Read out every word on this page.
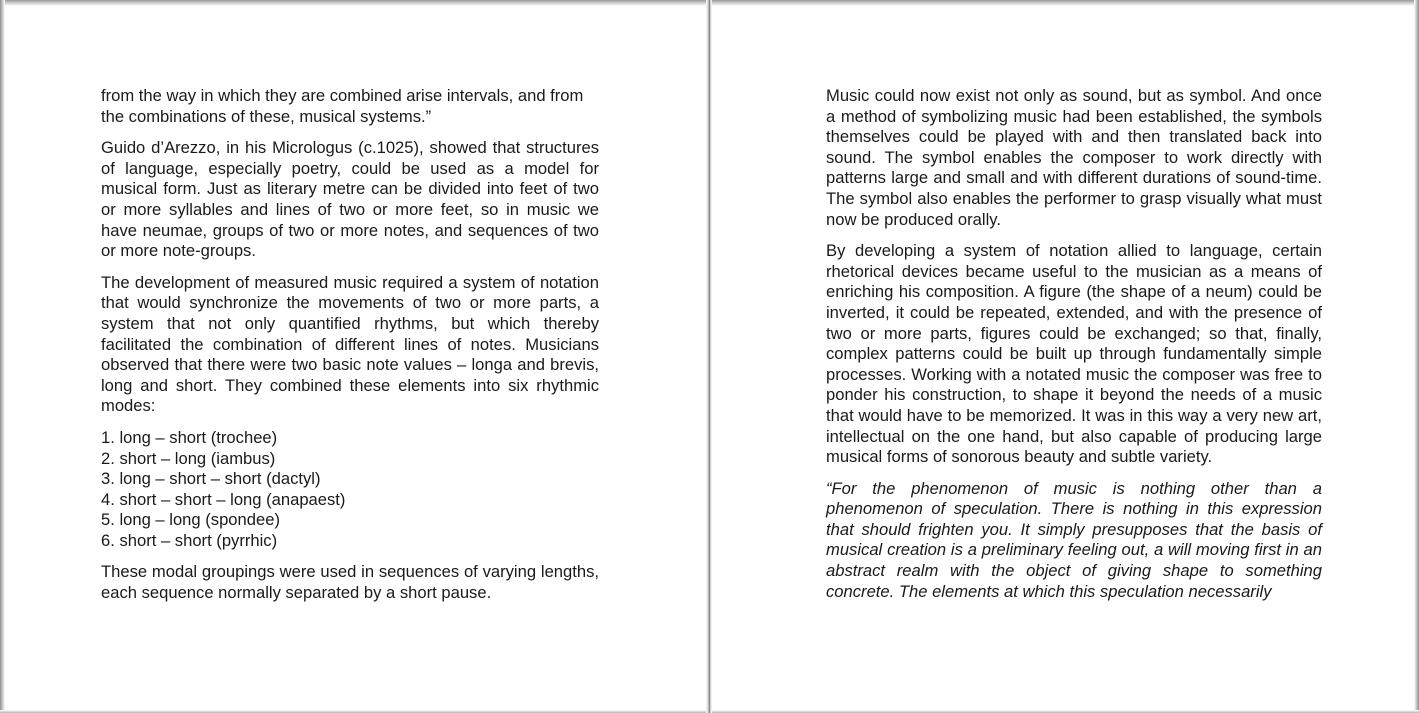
from the way in which they are combined arise intervals, and from the combinations of these, musical systems.”

Guido d’Arezzo, in his Micrologus (c.1025), showed that structures of language, especially poetry, could be used as a model for musical form. Just as literary metre can be divided into feet of two or more syllables and lines of two or more feet, so in music we have neumae, groups of two or more notes, and sequences of two or more note-groups.

The development of measured music required a system of notation that would synchronize the movements of two or more parts, a system that not only quantified rhythms, but which thereby facilitated the combination of different lines of notes. Musicians observed that there were two basic note values – longa and brevis, long and short. They combined these elements into six rhythmic modes:

1. long – short (trochee)
2. short – long (iambus)
3. long – short – short (dactyl)
4. short – short – long (anapaest)
5. long – long (spondee)
6. short – short (pyrrhic)

These modal groupings were used in sequences of varying lengths, each sequence normally separated by a short pause.

Music could now exist not only as sound, but as symbol. And once a method of symbolizing music had been established, the symbols themselves could be played with and then translated back into sound. The symbol enables the composer to work directly with patterns large and small and with different durations of sound-time. The symbol also enables the performer to grasp visually what must now be produced orally.

By developing a system of notation allied to language, certain rhetorical devices became useful to the musician as a means of enriching his composition. A figure (the shape of a neum) could be inverted, it could be repeated, extended, and with the presence of two or more parts, figures could be exchanged; so that, finally, complex patterns could be built up through fundamentally simple processes. Working with a notated music the composer was free to ponder his construction, to shape it beyond the needs of a music that would have to be memorized. It was in this way a very new art, intellectual on the one hand, but also capable of producing large musical forms of sonorous beauty and subtle variety.

“For the phenomenon of music is nothing other than a phenomenon of speculation. There is nothing in this expression that should frighten you. It simply presupposes that the basis of musical creation is a preliminary feeling out, a will moving first in an abstract realm with the object of giving shape to something concrete. The elements at which this speculation necessarily
